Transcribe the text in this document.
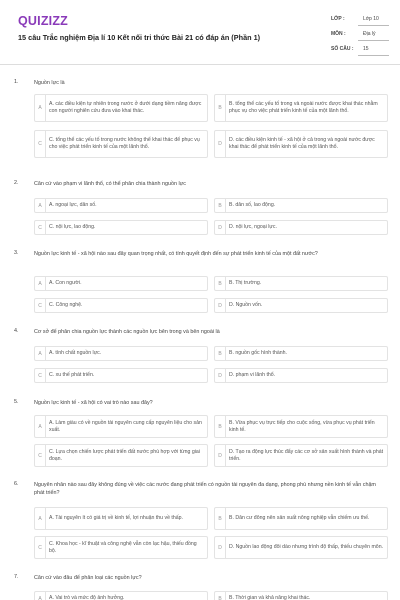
QUIZIZZ
15 câu Trắc nghiệm Địa lí 10 Kết nối tri thức Bài 21 có đáp án (Phần 1)
LỚP :	Lớp 10
MÔN :	Địa lý
SỐ CÂU : 15
1.	Nguồn lực là
A
A. các điều kiện tự nhiên trong nước ở dưới dạng tiềm năng được con người nghiên cứu đưa vào khai thác.	B
B. tổng thể các yếu tố trong và ngoài nước được khai thác nhằm phục vụ cho việc phát triển kinh tế của một lãnh thổ.
C
C. tổng thể các yếu tố trong nước không thể khai thác để phục vụ cho việc phát triển kinh tế của một lãnh thổ.	D
D. các điều kiện kinh tế - xã hội ở cả trong và ngoài nước được khai thác để phát triển kinh tế của một lãnh thổ.
2.	Căn cứ vào phạm vi lãnh thổ, có thể phân chia thành nguồn lực
A	A. ngoại lực, dân số.	B	B. dân số, lao động.
C	C. nội lực, lao động.	D	D. nội lực, ngoại lực.
3.	Nguồn lực kinh tế - xã hội nào sau đây quan trọng nhất, có tính quyết định đến sự phát triển kinh tế của một đất nước?
A	A. Con người.	B	B. Thị trường.
C	C. Công nghệ.	D	D. Nguồn vốn.
4.	Cơ sở để phân chia nguồn lực thành các nguồn lực bên trong và bên ngoài là
A	A. tính chất nguồn lực.	B	B. nguồn gốc hình thành.
C	C. xu thế phát triển.	D	D. phạm vi lãnh thổ.
5.	Nguồn lực kinh tế - xã hội có vai trò nào sau đây?
A
A. Làm giàu có về nguồn tài nguyên cung cấp nguyên liệu cho sản xuất.	B
B. Vừa phục vụ trực tiếp cho cuộc sống, vừa phục vụ phát triển kinh tế.
C
C. Lựa chọn chiến lược phát triển đất nước phù hợp với từng giai đoạn.	D
D. Tạo ra động lực thúc đẩy các cơ sở sản xuất hình thành và phát triển.
6.	Nguyên nhân nào sau đây không đúng về việc các nước đang phát triển có nguồn tài nguyên đa dạng, phong phú nhưng nền kinh tế vẫn chậm phát triển?
A	A. Tài nguyên ít có giá trị về kinh tế, lợi nhuận thu về thấp.	B	B. Dân cư đông nên sản xuất nông nghiệp vẫn chiếm ưu thế.
C
C. Khoa học - kĩ thuật và công nghệ vẫn còn lạc hậu, thiếu đồng bộ.	D	D. Nguồn lao động đôi dào nhưng trình độ thấp, thiếu chuyên môn.
7.	Căn cứ vào đâu để phân loại các nguồn lực?
A	A. Vai trò và mức độ ảnh hưởng.	B	B. Thời gian và khả năng khai thác.
